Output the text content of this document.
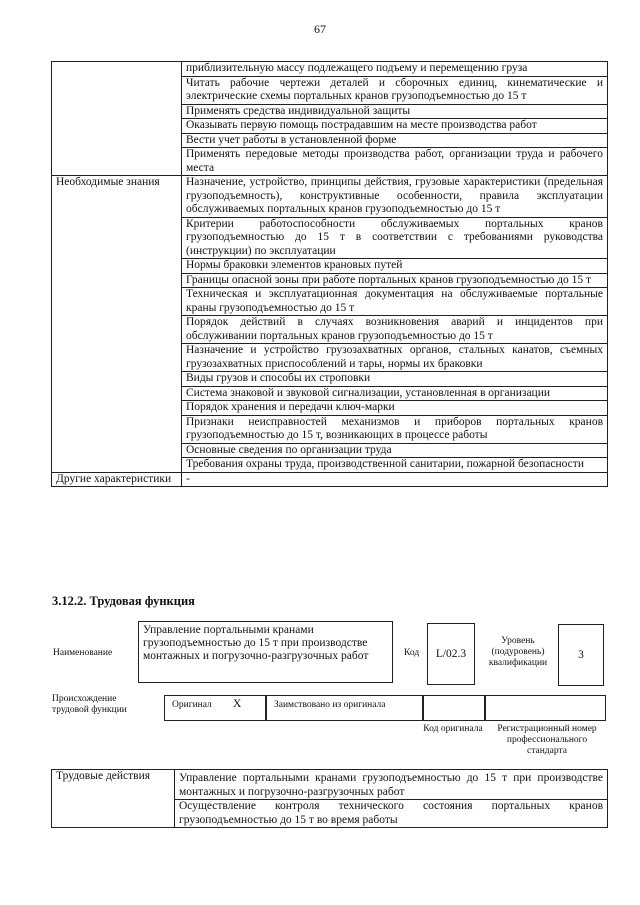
67
	приблизительную массу подлежащего подъему и перемещению груза
	Читать рабочие чертежи деталей и сборочных единиц, кинематические и электрические схемы портальных кранов грузоподъемностью до 15 т
	Применять средства индивидуальной защиты
	Оказывать первую помощь пострадавшим на месте производства работ
	Вести учет работы в установленной форме
	Применять передовые методы производства работ, организации труда и рабочего места
Необходимые знания	Назначение, устройство, принципы действия, грузовые характеристики (предельная грузоподъемность), конструктивные особенности, правила эксплуатации обслуживаемых портальных кранов грузоподъемностью до 15 т
	Критерии работоспособности обслуживаемых портальных кранов грузоподъемностью до 15 т в соответствии с требованиями руководства (инструкции) по эксплуатации
	Нормы браковки элементов крановых путей
	Границы опасной зоны при работе портальных кранов грузоподъемностью до 15 т
	Техническая и эксплуатационная документация на обслуживаемые портальные краны грузоподъемностью до 15 т
	Порядок действий в случаях возникновения аварий и инцидентов при обслуживании портальных кранов грузоподъемностью до 15 т
	Назначение и устройство грузозахватных органов, стальных канатов, съемных грузозахватных приспособлений и тары, нормы их браковки
	Виды грузов и способы их строповки
	Система знаковой и звуковой сигнализации, установленная в организации
	Порядок хранения и передачи ключ-марки
	Признаки неисправностей механизмов и приборов портальных кранов грузоподъемностью до 15 т, возникающих в процессе работы
	Основные сведения по организации труда
	Требования охраны труда, производственной санитарии, пожарной безопасности
Другие характеристики	-
3.12.2. Трудовая функция
Наименование
Управление портальными кранами грузоподъемностью до 15 т при производстве монтажных и погрузочно-разгрузочных работ	Код	L/02.3
Уровень (подуровень) квалификации
3
Происхождение трудовой функции	Оригинал X	Заимствовано из оригинала
Код оригинала	Регистрационный номер профессионального стандарта
Трудовые действия	Управление портальными кранами грузоподъемностью до 15 т при производстве монтажных и погрузочно-разгрузочных работ
Осуществление контроля технического состояния портальных кранов грузоподъемностью до 15 т во время работы
